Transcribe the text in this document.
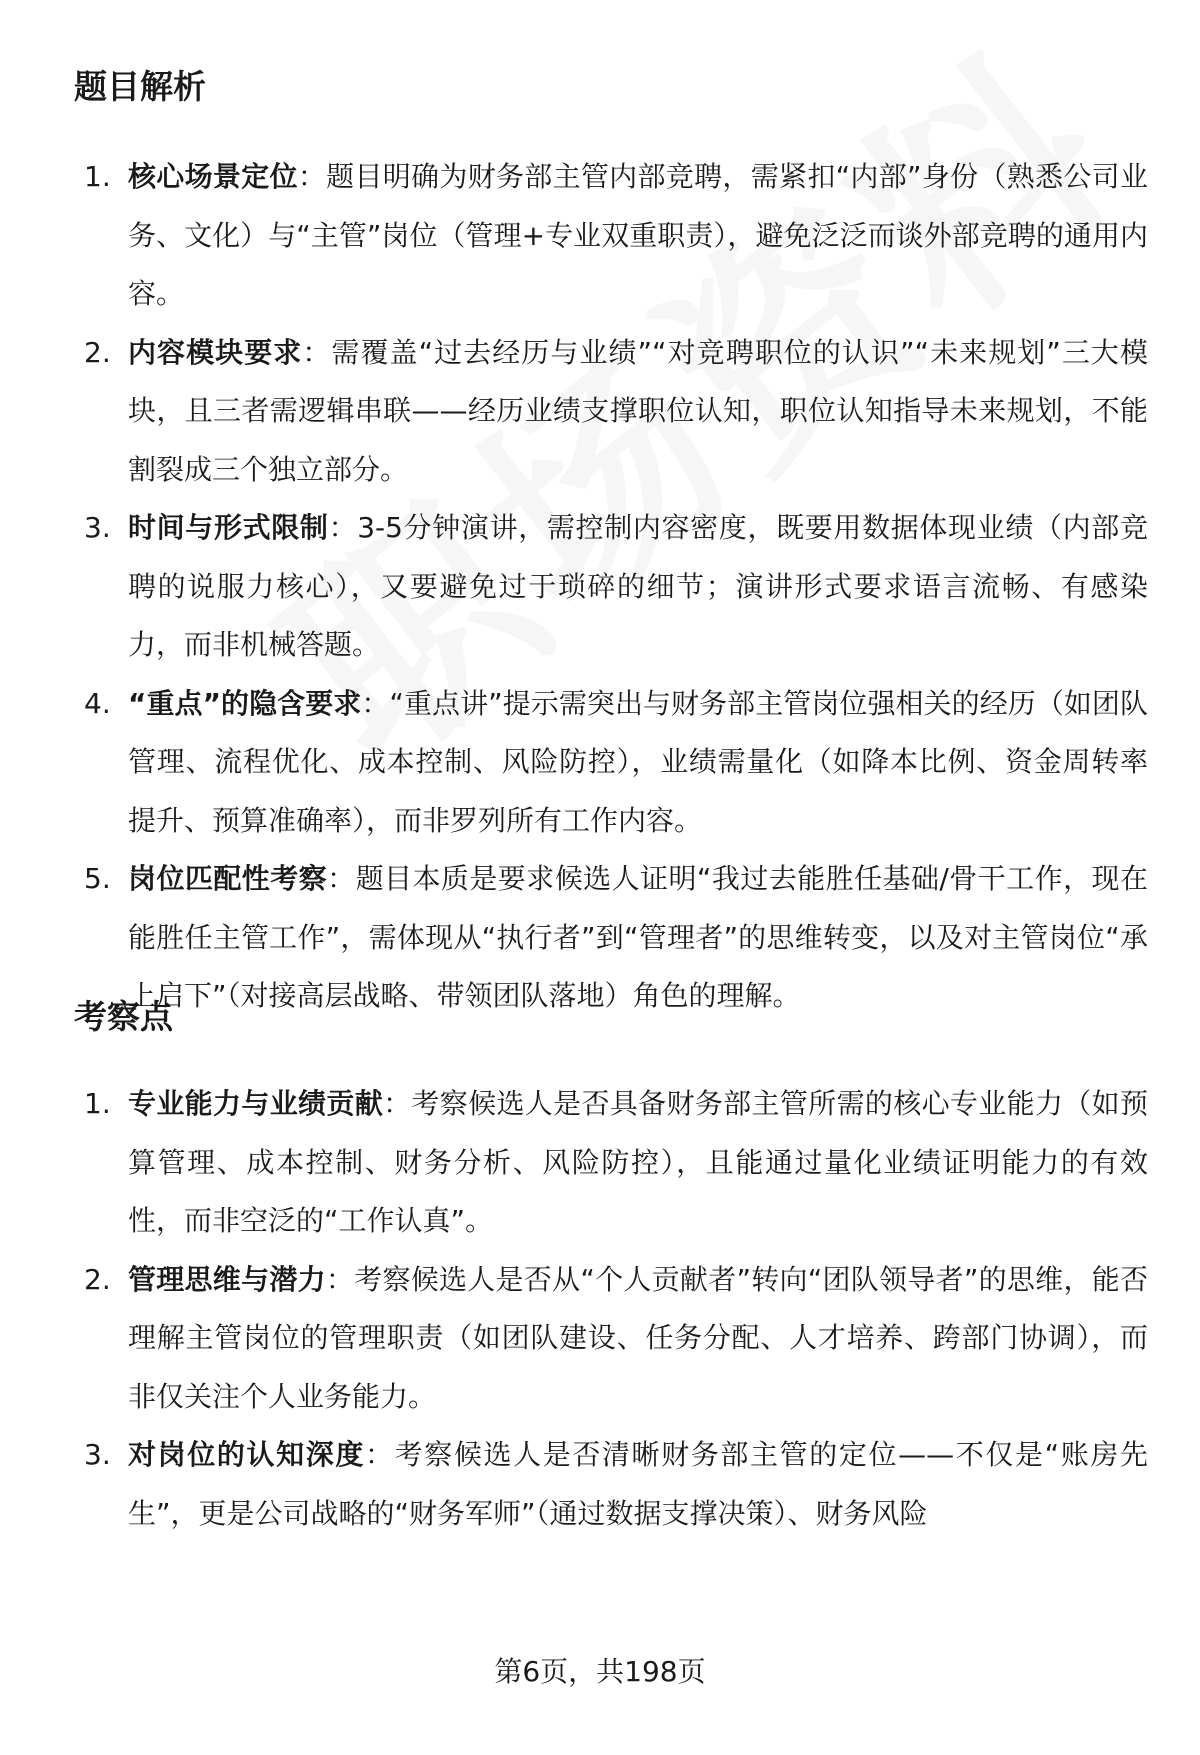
题目解析
1. 核心场景定位：题目明确为财务部主管内部竞聘，需紧扣“内部”身份（熟悉公司业务、文化）与“主管”岗位（管理+专业双重职责），避免泛泛而谈外部竞聘的通用内容。
2. 内容模块要求：需覆盖“过去经历与业绩”“对竞聘职位的认识”“未来规划”三大模块，且三者需逻辑串联——经历业绩支撑职位认知，职位认知指导未来规划，不能割裂成三个独立部分。
3. 时间与形式限制：3-5分钟演讲，需控制内容密度，既要用数据体现业绩（内部竞聘的说服力核心），又要避免过于琐碎的细节；演讲形式要求语言流畅、有感染力，而非机械答题。
4. “重点”的隐含要求：“重点讲”提示需突出与财务部主管岗位强相关的经历（如团队管理、流程优化、成本控制、风险防控），业绩需量化（如降本比例、资金周转率提升、预算准确率），而非罗列所有工作内容。
5. 岗位匹配性考察：题目本质是要求候选人证明“我过去能胜任基础/骨干工作，现在能胜任主管工作”，需体现从“执行者”到“管理者”的思维转变，以及对主管岗位“承上启下”（对接高层战略、带领团队落地）角色的理解。
考察点
1. 专业能力与业绩贡献：考察候选人是否具备财务部主管所需的核心专业能力（如预算管理、成本控制、财务分析、风险防控），且能通过量化业绩证明能力的有效性，而非空泛的“工作认真”。
2. 管理思维与潜力：考察候选人是否从“个人贡献者”转向“团队领导者”的思维，能否理解主管岗位的管理职责（如团队建设、任务分配、人才培养、跨部门协调），而非仅关注个人业务能力。
3. 对岗位的认知深度：考察候选人是否清晰财务部主管的定位——不仅是“账房先生”，更是公司战略的“财务军师”（通过数据支撑决策）、财务风险
第6页，共198页
